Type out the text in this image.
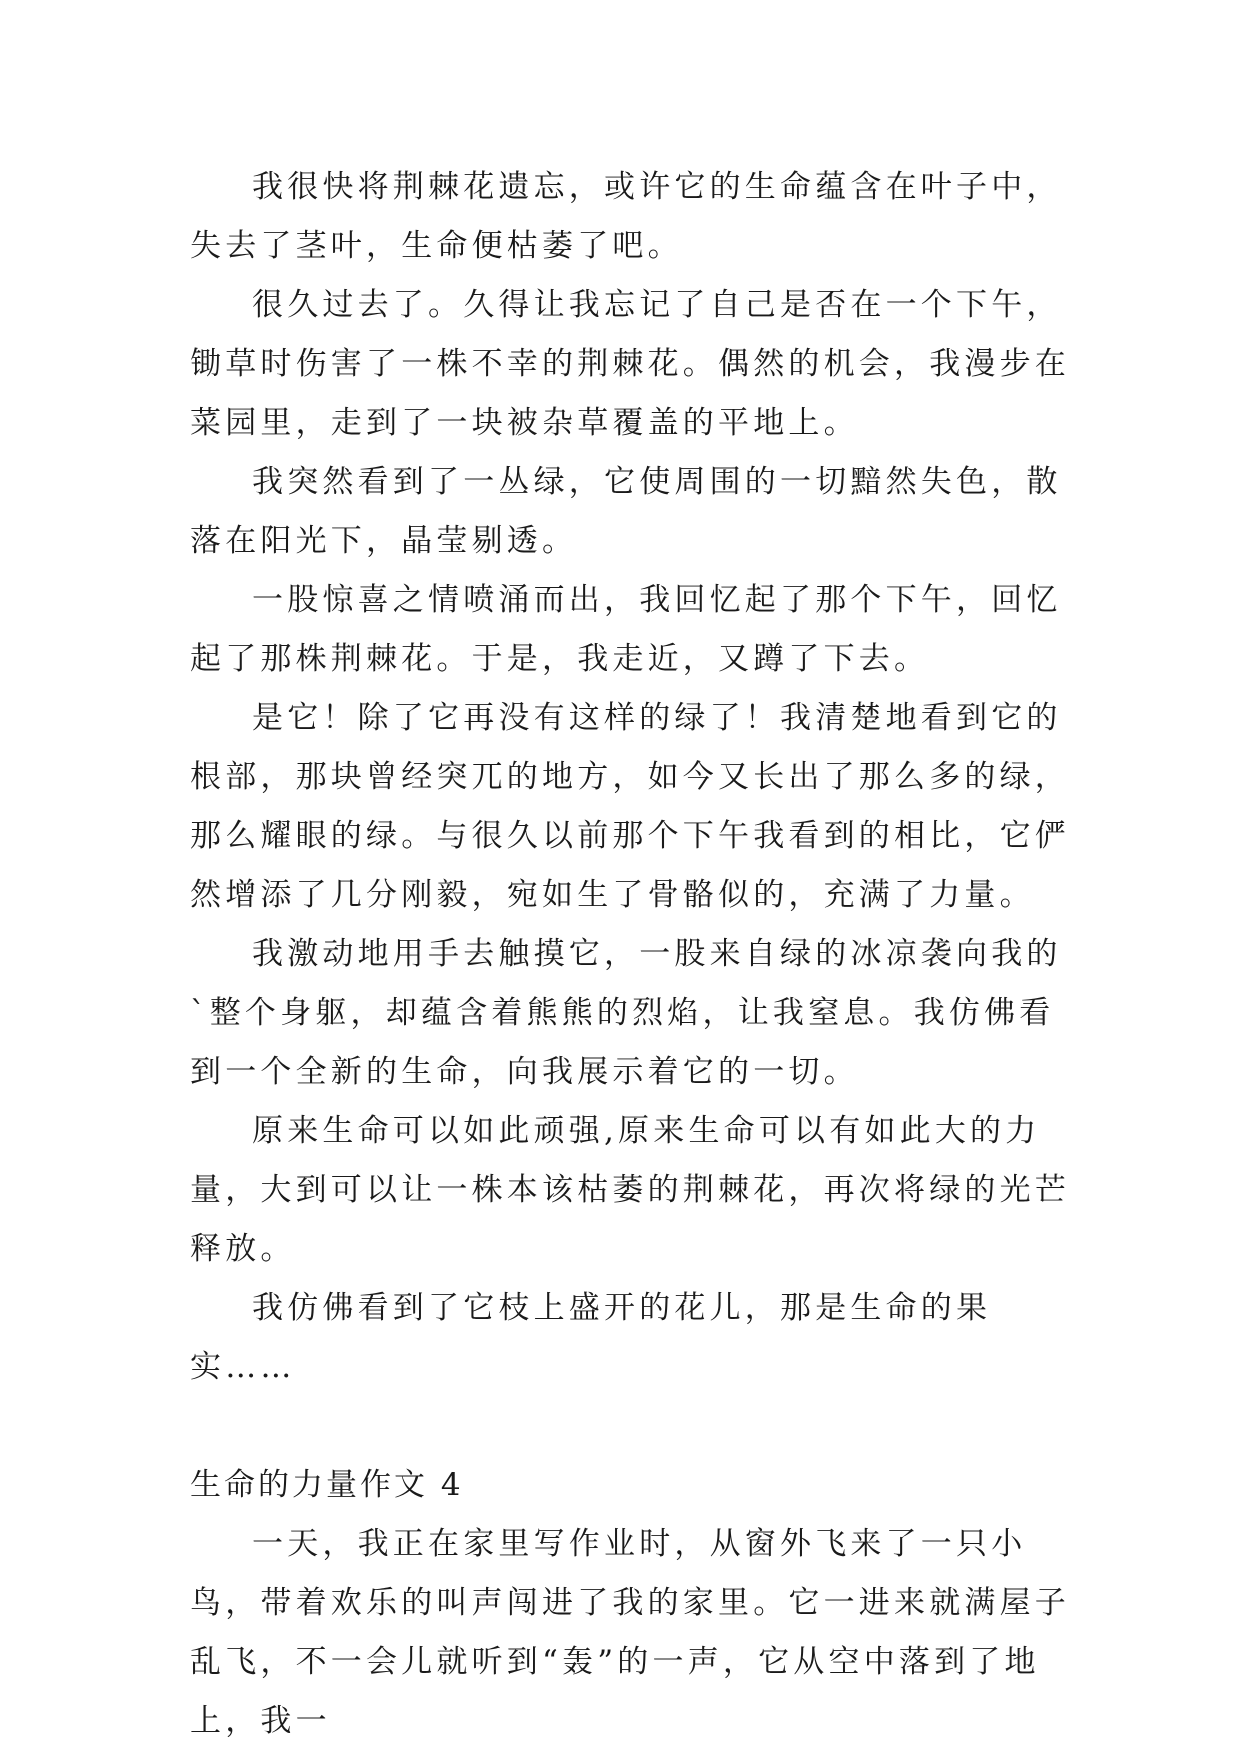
我很快将荆棘花遗忘，或许它的生命蕴含在叶子中，失去了茎叶，生命便枯萎了吧。

很久过去了。久得让我忘记了自己是否在一个下午，锄草时伤害了一株不幸的荆棘花。偶然的机会，我漫步在菜园里，走到了一块被杂草覆盖的平地上。

我突然看到了一丛绿，它使周围的一切黯然失色，散落在阳光下，晶莹剔透。

一股惊喜之情喷涌而出，我回忆起了那个下午，回忆起了那株荆棘花。于是，我走近，又蹲了下去。

是它！除了它再没有这样的绿了！我清楚地看到它的根部，那块曾经突兀的地方，如今又长出了那么多的绿，那么耀眼的绿。与很久以前那个下午我看到的相比，它俨然增添了几分刚毅，宛如生了骨骼似的，充满了力量。

我激动地用手去触摸它，一股来自绿的冰凉袭向我的`整个身躯，却蕴含着熊熊的烈焰，让我窒息。我仿佛看到一个全新的生命，向我展示着它的一切。

原来生命可以如此顽强,原来生命可以有如此大的力量，大到可以让一株本该枯萎的荆棘花，再次将绿的光芒释放。

我仿佛看到了它枝上盛开的花儿，那是生命的果实……

生命的力量作文 4

一天，我正在家里写作业时，从窗外飞来了一只小鸟，带着欢乐的叫声闯进了我的家里。它一进来就满屋子乱飞，不一会儿就听到“轰”的一声，它从空中落到了地上，我一
